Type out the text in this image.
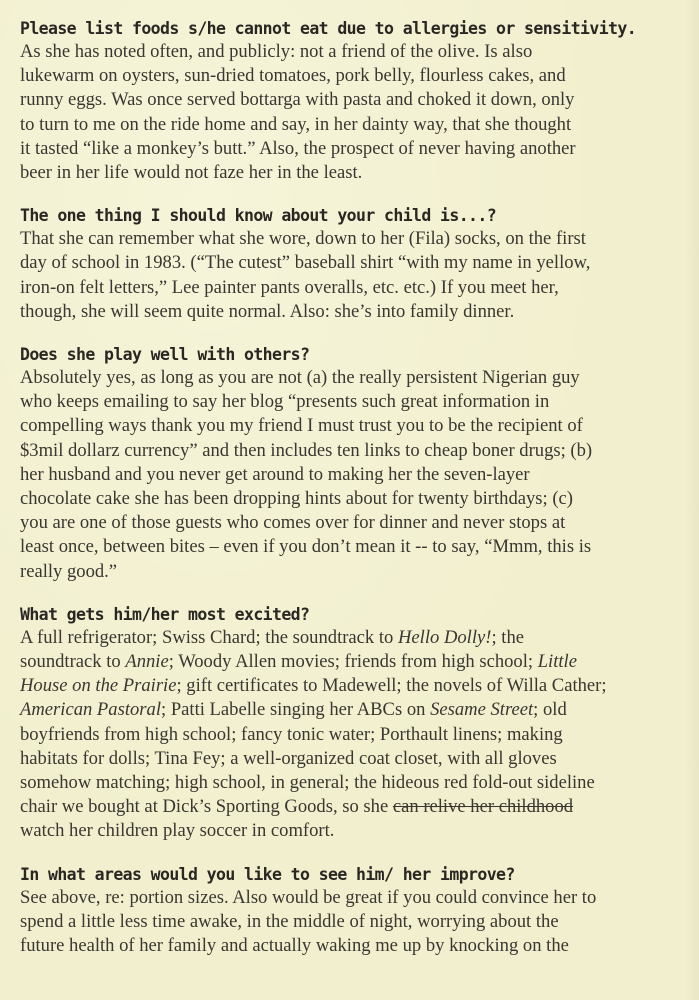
Please list foods s/he cannot eat due to allergies or sensitivity.

As she has noted often, and publicly: not a friend of the olive. Is also
lukewarm on oysters, sun-dried tomatoes, pork belly, flourless cakes, and
runny eggs. Was once served bottarga with pasta and choked it down, only
to turn to me on the ride home and say, in her dainty way, that she thought
it tasted “like a monkey’s butt.” Also, the prospect of never having another
beer in her life would not faze her in the least.

The one thing I should know about your child is...?

That she can remember what she wore, down to her (Fila) socks, on the first
day of school in 1983. (“The cutest” baseball shirt “with my name in yellow,
iron-on felt letters,” Lee painter pants overalls, etc. etc.) If you meet her,
though, she will seem quite normal. Also: she’s into family dinner.

Does she play well with others?

Absolutely yes, as long as you are not (a) the really persistent Nigerian guy
who keeps emailing to say her blog “presents such great information in
compelling ways thank you my friend I must trust you to be the recipient of
$3mil dollarz currency” and then includes ten links to cheap boner drugs; (b)
her husband and you never get around to making her the seven-layer
chocolate cake she has been dropping hints about for twenty birthdays; (c)
you are one of those guests who comes over for dinner and never stops at
least once, between bites – even if you don’t mean it -- to say, “Mmm, this is
really good.”

What gets him/her most excited?

A full refrigerator; Swiss Chard; the soundtrack to Hello Dolly!; the
soundtrack to Annie; Woody Allen movies; friends from high school; Little
House on the Prairie; gift certificates to Madewell; the novels of Willa Cather;
American Pastoral; Patti Labelle singing her ABCs on Sesame Street; old
boyfriends from high school; fancy tonic water; Porthault linens; making
habitats for dolls; Tina Fey; a well-organized coat closet, with all gloves
somehow matching; high school, in general; the hideous red fold-out sideline
chair we bought at Dick’s Sporting Goods, so she can relive her childhood
watch her children play soccer in comfort.

In what areas would you like to see him/ her improve?

See above, re: portion sizes. Also would be great if you could convince her to
spend a little less time awake, in the middle of night, worrying about the
future health of her family and actually waking me up by knocking on the
